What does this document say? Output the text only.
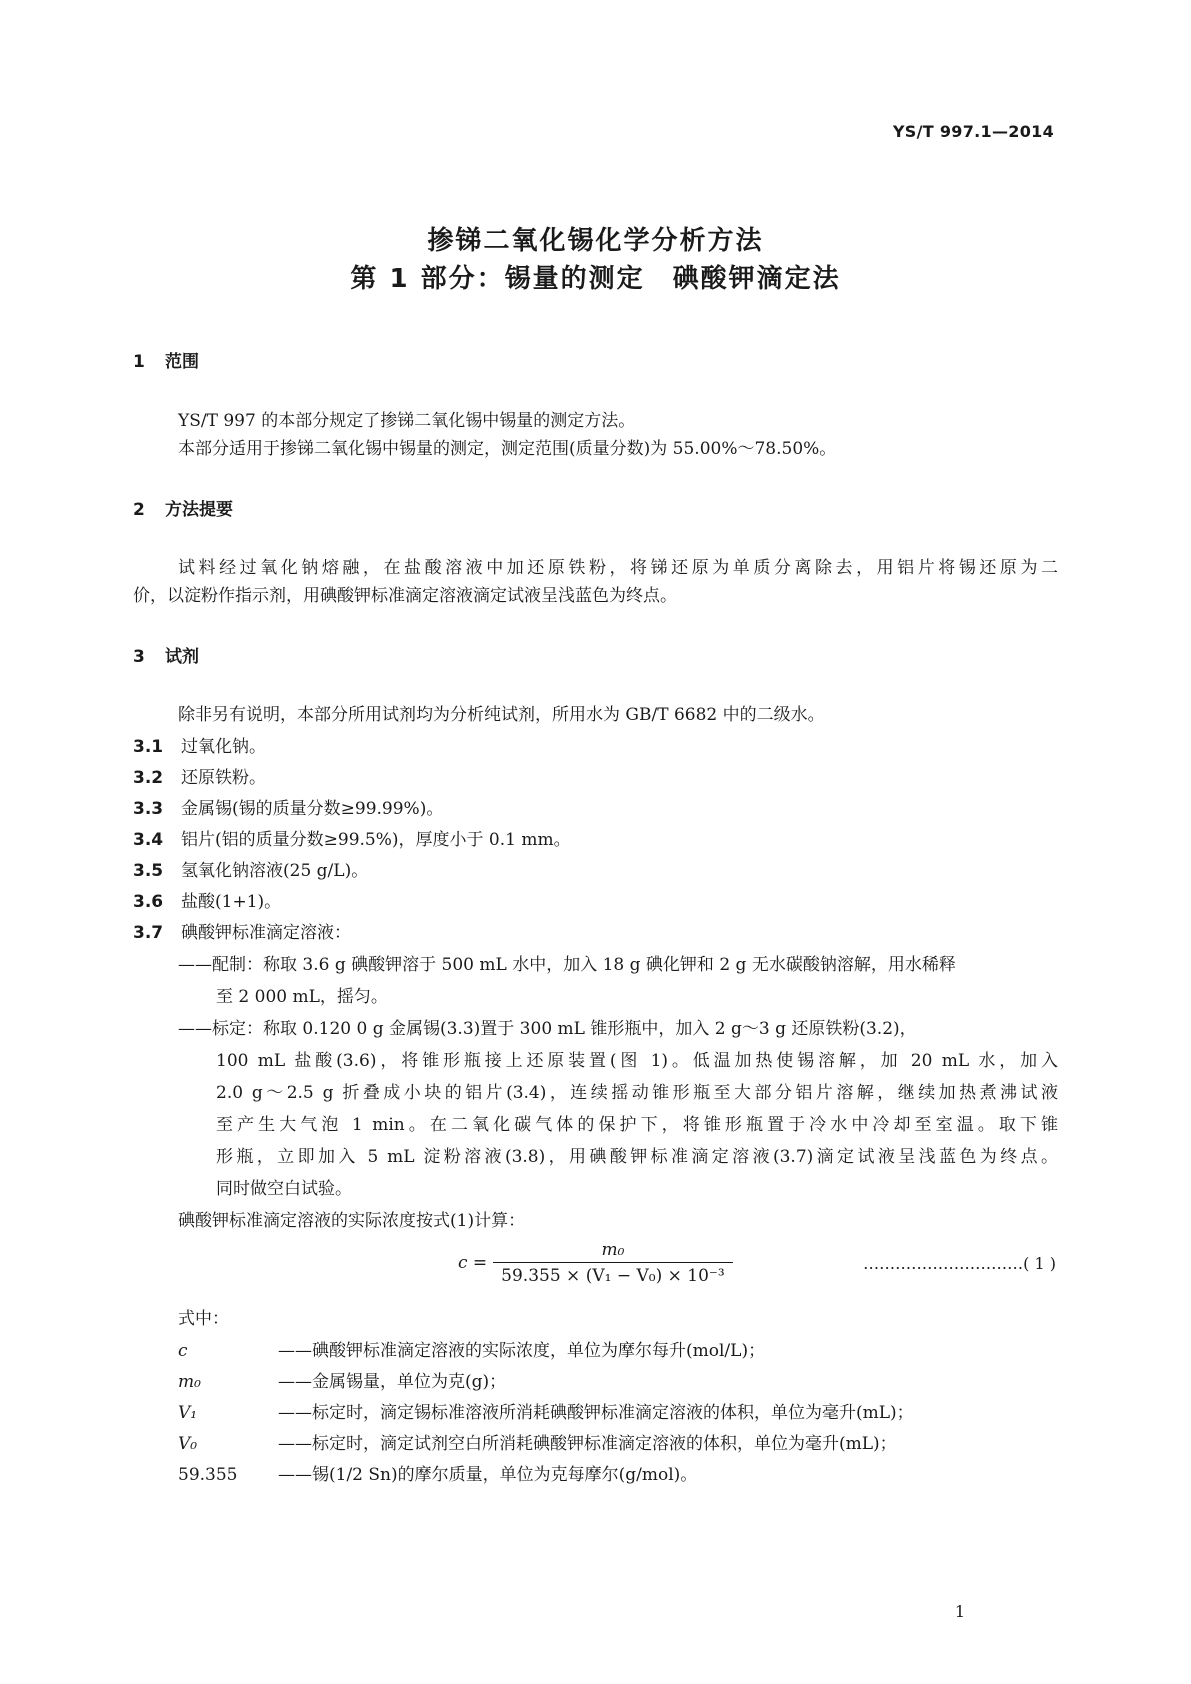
YS/T 997.1—2014
掺锑二氧化锡化学分析方法
第 1 部分：锡量的测定　碘酸钾滴定法
1 范围
YS/T 997 的本部分规定了掺锑二氧化锡中锡量的测定方法。
本部分适用于掺锑二氧化锡中锡量的测定，测定范围(质量分数)为 55.00%～78.50%。
2 方法提要
试料经过氧化钠熔融，在盐酸溶液中加还原铁粉，将锑还原为单质分离除去，用铝片将锡还原为二
价，以淀粉作指示剂，用碘酸钾标准滴定溶液滴定试液呈浅蓝色为终点。
3 试剂
除非另有说明，本部分所用试剂均为分析纯试剂，所用水为 GB/T 6682 中的二级水。
3.1 过氧化钠。
3.2 还原铁粉。
3.3 金属锡(锡的质量分数≥99.99%)。
3.4 铝片(铝的质量分数≥99.5%)，厚度小于 0.1 mm。
3.5 氢氧化钠溶液(25 g/L)。
3.6 盐酸(1+1)。
3.7 碘酸钾标准滴定溶液：
——配制：称取 3.6 g 碘酸钾溶于 500 mL 水中，加入 18 g 碘化钾和 2 g 无水碳酸钠溶解，用水稀释
至 2 000 mL，摇匀。
——标定：称取 0.120 0 g 金属锡(3.3)置于 300 mL 锥形瓶中，加入 2 g～3 g 还原铁粉(3.2)，
100 mL 盐酸(3.6)，将锥形瓶接上还原装置(图 1)。低温加热使锡溶解，加 20 mL 水，加入
2.0 g～2.5 g 折叠成小块的铝片(3.4)，连续摇动锥形瓶至大部分铝片溶解，继续加热煮沸试液
至产生大气泡 1 min。在二氧化碳气体的保护下，将锥形瓶置于冷水中冷却至室温。取下锥
形瓶，立即加入 5 mL 淀粉溶液(3.8)，用碘酸钾标准滴定溶液(3.7)滴定试液呈浅蓝色为终点。
同时做空白试验。
碘酸钾标准滴定溶液的实际浓度按式(1)计算：
$c = \frac{\text{m₀}}{\text{59.355 × (V₁ − V₀) × 10⁻³}}$	…………………………( 1 )
式中：
c	——碘酸钾标准滴定溶液的实际浓度，单位为摩尔每升(mol/L)；
m₀	——金属锡量，单位为克(g)；
V₁	——标定时，滴定锡标准溶液所消耗碘酸钾标准滴定溶液的体积，单位为毫升(mL)；
V₀	——标定时，滴定试剂空白所消耗碘酸钾标准滴定溶液的体积，单位为毫升(mL)；
59.355 ——锡(1/2 Sn)的摩尔质量，单位为克每摩尔(g/mol)。
1
